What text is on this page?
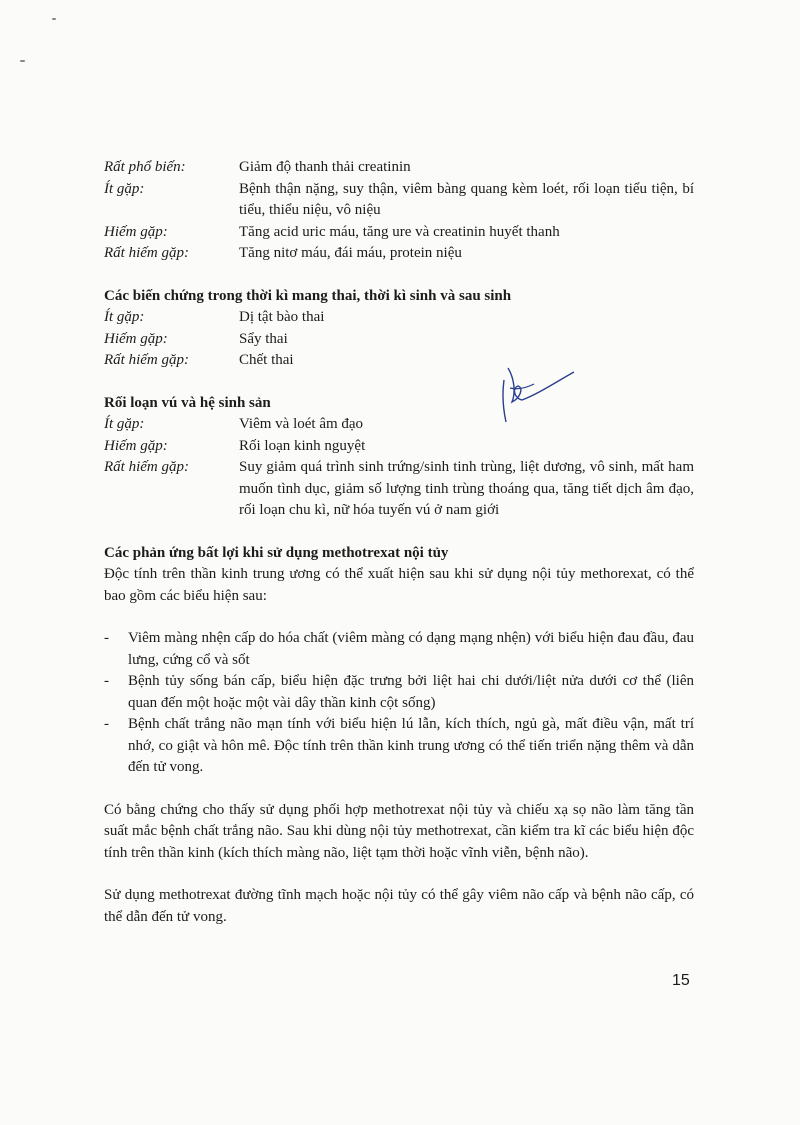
Rất phổ biến:	Giảm độ thanh thải creatinin
Ít gặp:	Bệnh thận nặng, suy thận, viêm bàng quang kèm loét, rối loạn tiểu tiện, bí tiểu, thiểu niệu, vô niệu
Hiếm gặp:	Tăng acid uric máu, tăng ure và creatinin huyết thanh
Rất hiếm gặp:	Tăng nitơ máu, đái máu, protein niệu

Các biến chứng trong thời kì mang thai, thời kì sinh và sau sinh

Ít gặp:	Dị tật bào thai
Hiếm gặp:	Sẩy thai
Rất hiếm gặp:	Chết thai

Rối loạn vú và hệ sinh sản

Ít gặp:	Viêm và loét âm đạo
Hiếm gặp:	Rối loạn kinh nguyệt
Rất hiếm gặp:	Suy giảm quá trình sinh trứng/sinh tinh trùng, liệt dương, vô sinh, mất ham muốn tình dục, giảm số lượng tinh trùng thoáng qua, tăng tiết dịch âm đạo, rối loạn chu kì, nữ hóa tuyến vú ở nam giới

Các phản ứng bất lợi khi sử dụng methotrexat nội tủy

Độc tính trên thần kinh trung ương có thể xuất hiện sau khi sử dụng nội tủy methorexat, có thể bao gồm các biểu hiện sau:

-	Viêm màng nhện cấp do hóa chất (viêm màng có dạng mạng nhện) với biểu hiện đau đầu, đau lưng, cứng cổ và sốt
-	Bệnh tủy sống bán cấp, biểu hiện đặc trưng bởi liệt hai chi dưới/liệt nửa dưới cơ thể (liên quan đến một hoặc một vài dây thần kinh cột sống)
-	Bệnh chất trắng não mạn tính với biểu hiện lú lẫn, kích thích, ngủ gà, mất điều vận, mất trí nhớ, co giật và hôn mê. Độc tính trên thần kinh trung ương có thể tiến triển nặng thêm và dẫn đến tử vong.

Có bằng chứng cho thấy sử dụng phối hợp methotrexat nội tủy và chiếu xạ sọ não làm tăng tần suất mắc bệnh chất trắng não. Sau khi dùng nội tủy methotrexat, cần kiểm tra kĩ các biểu hiện độc tính trên thần kinh (kích thích màng não, liệt tạm thời hoặc vĩnh viễn, bệnh não).

Sử dụng methotrexat đường tĩnh mạch hoặc nội tủy có thể gây viêm não cấp và bệnh não cấp, có thể dẫn đến tử vong.

15
